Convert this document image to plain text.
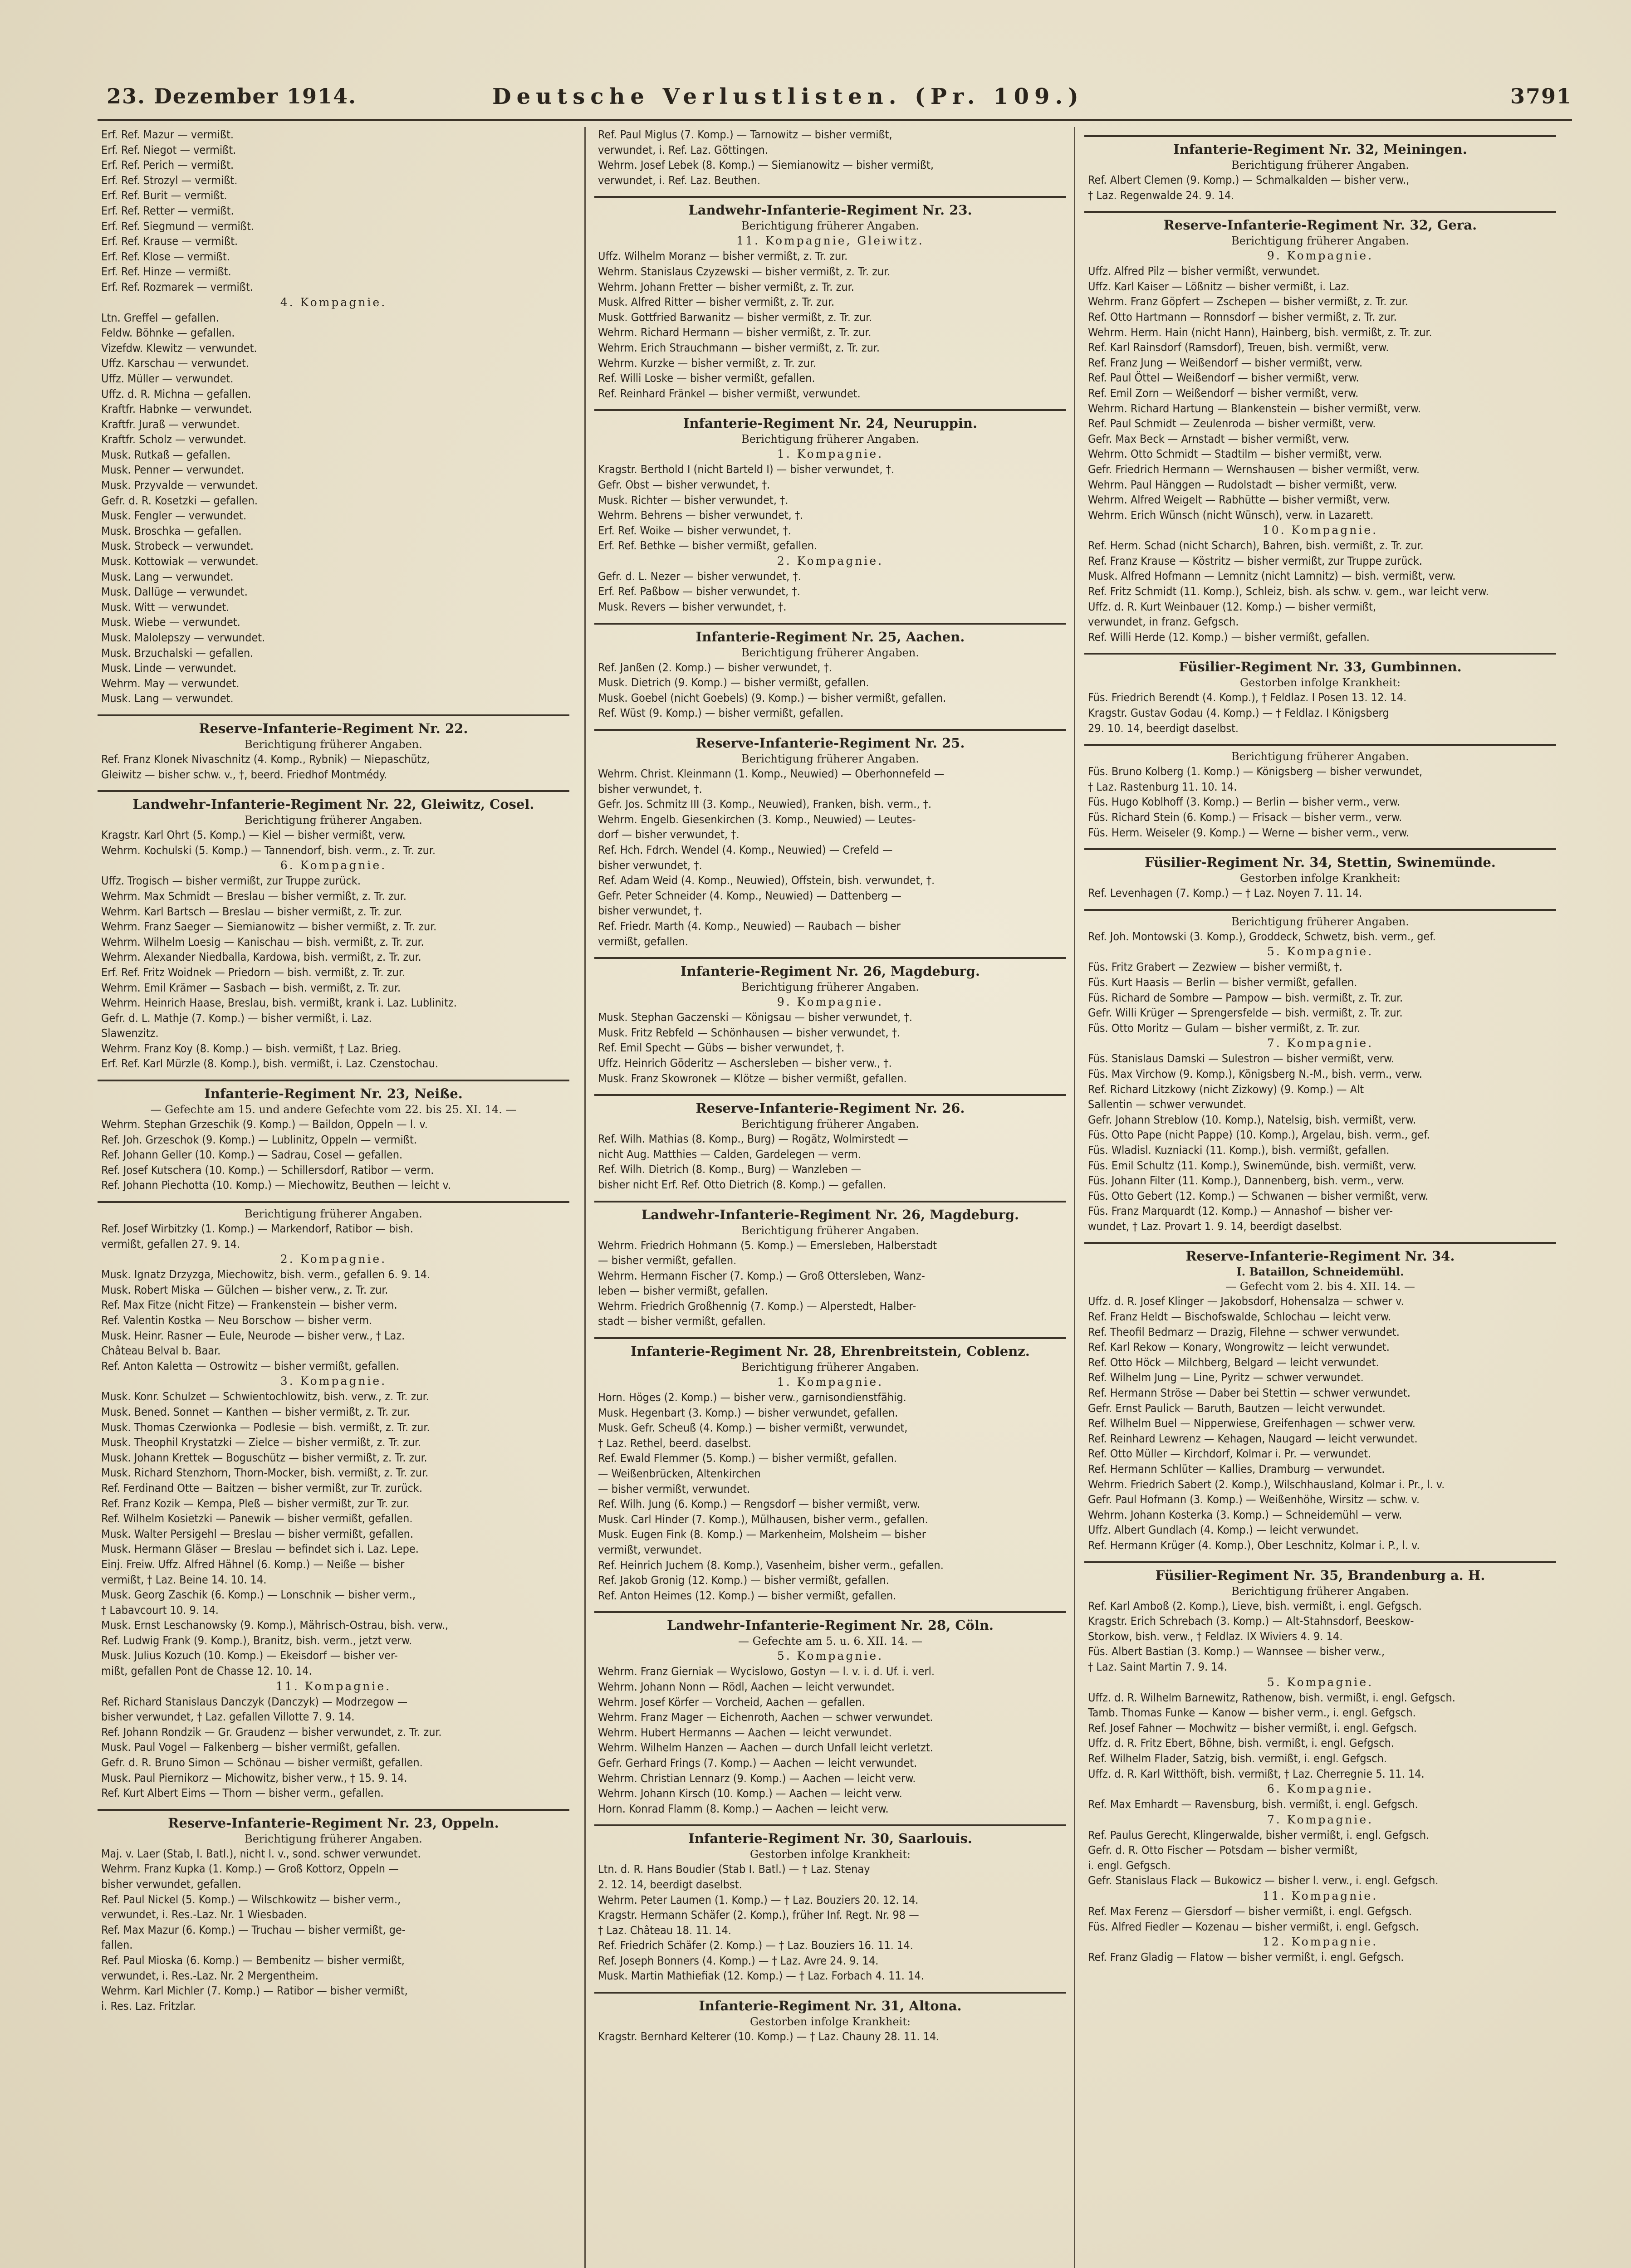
23. Dezember 1914.	Deutsche Verlustlisten. (Pr. 109.)	3791
Erf. Ref. Mazur — vermißt.
Erf. Ref. Niegot — vermißt.
Erf. Ref. Perich — vermißt.
Erf. Ref. Strozyl — vermißt.
Erf. Ref. Burit — vermißt.
Erf. Ref. Retter — vermißt.
Erf. Ref. Siegmund — vermißt.
Erf. Ref. Krause — vermißt.
Erf. Ref. Klose — vermißt.
Erf. Ref. Hinze — vermißt.
Erf. Ref. Rozmarek — vermißt.
4. Kompagnie.
Ltn. Greffel — gefallen.
Feldw. Böhnke — gefallen.
Vizefdw. Klewitz — verwundet.
Uffz. Karschau — verwundet.
Uffz. Müller — verwundet.
Uffz. d. R. Michna — gefallen.
Kraftfr. Habnke — verwundet.
Kraftfr. Juraß — verwundet.
Kraftfr. Scholz — verwundet.
Musk. Rutkaß — gefallen.
Musk. Penner — verwundet.
Musk. Przyvalde — verwundet.
Gefr. d. R. Kosetzki — gefallen.
Musk. Fengler — verwundet.
Musk. Broschka — gefallen.
Musk. Strobeck — verwundet.
Musk. Kottowiak — verwundet.
Musk. Lang — verwundet.
Musk. Dallüge — verwundet.
Musk. Witt — verwundet.
Musk. Wiebe — verwundet.
Musk. Malolepszy — verwundet.
Musk. Brzuchalski — gefallen.
Musk. Linde — verwundet.
Wehrm. May — verwundet.
Musk. Lang — verwundet.
Reserve-Infanterie-Regiment Nr. 22.
Berichtigung früherer Angaben.
Ref. Franz Klonek Nivaschnitz (4. Komp., Rybnik) — Niepaschütz,
Gleiwitz — bisher schw. v., †, beerd. Friedhof Montmédy.
Landwehr-Infanterie-Regiment Nr. 22, Gleiwitz, Cosel.
Berichtigung früherer Angaben.
Kragstr. Karl Ohrt (5. Komp.) — Kiel — bisher vermißt, verw.
Wehrm. Kochulski (5. Komp.) — Tannendorf, bish. verm., z. Tr. zur.
6. Kompagnie.
Uffz. Trogisch — bisher vermißt, zur Truppe zurück.
Wehrm. Max Schmidt — Breslau — bisher vermißt, z. Tr. zur.
Wehrm. Karl Bartsch — Breslau — bisher vermißt, z. Tr. zur.
Wehrm. Franz Saeger — Siemianowitz — bisher vermißt, z. Tr. zur.
Wehrm. Wilhelm Loesig — Kanischau — bish. vermißt, z. Tr. zur.
Wehrm. Alexander Niedballa, Kardowa, bish. vermißt, z. Tr. zur.
Erf. Ref. Fritz Woidnek — Priedorn — bish. vermißt, z. Tr. zur.
Wehrm. Emil Krämer — Sasbach — bish. vermißt, z. Tr. zur.
Wehrm. Heinrich Haase, Breslau, bish. vermißt, krank i. Laz. Lublinitz.
Gefr. d. L. Mathje (7. Komp.) — bisher vermißt, i. Laz.
Slawenzitz.
Wehrm. Franz Koy (8. Komp.) — bish. vermißt, † Laz. Brieg.
Erf. Ref. Karl Mürzle (8. Komp.), bish. vermißt, i. Laz. Czenstochau.
Infanterie-Regiment Nr. 23, Neiße.
— Gefechte am 15. und andere Gefechte vom 22. bis 25. XI. 14. —
Wehrm. Stephan Grzeschik (9. Komp.) — Baildon, Oppeln — l. v.
Ref. Joh. Grzeschok (9. Komp.) — Lublinitz, Oppeln — vermißt.
Ref. Johann Geller (10. Komp.) — Sadrau, Cosel — gefallen.
Ref. Josef Kutschera (10. Komp.) — Schillersdorf, Ratibor — verm.
Ref. Johann Piechotta (10. Komp.) — Miechowitz, Beuthen — leicht v.
Berichtigung früherer Angaben.
Ref. Josef Wirbitzky (1. Komp.) — Markendorf, Ratibor — bish.
vermißt, gefallen 27. 9. 14.
2. Kompagnie.
Musk. Ignatz Drzyzga, Miechowitz, bish. verm., gefallen 6. 9. 14.
Musk. Robert Miska — Gülchen — bisher verw., z. Tr. zur.
Ref. Max Fitze (nicht Fitze) — Frankenstein — bisher verm.
Ref. Valentin Kostka — Neu Borschow — bisher verm.
Musk. Heinr. Rasner — Eule, Neurode — bisher verw., † Laz.
Château Belval b. Baar.
Ref. Anton Kaletta — Ostrowitz — bisher vermißt, gefallen.
3. Kompagnie.
Musk. Konr. Schulzet — Schwientochlowitz, bish. verw., z. Tr. zur.
Musk. Bened. Sonnet — Kanthen — bisher vermißt, z. Tr. zur.
Musk. Thomas Czerwionka — Podlesie — bish. vermißt, z. Tr. zur.
Musk. Theophil Krystatzki — Zielce — bisher vermißt, z. Tr. zur.
Musk. Johann Krettek — Boguschütz — bisher vermißt, z. Tr. zur.
Musk. Richard Stenzhorn, Thorn-Mocker, bish. vermißt, z. Tr. zur.
Ref. Ferdinand Otte — Baitzen — bisher vermißt, zur Tr. zurück.
Ref. Franz Kozik — Kempa, Pleß — bisher vermißt, zur Tr. zur.
Ref. Wilhelm Kosietzki — Panewik — bisher vermißt, gefallen.
Musk. Walter Persigehl — Breslau — bisher vermißt, gefallen.
Musk. Hermann Gläser — Breslau — befindet sich i. Laz. Lepe.
Einj. Freiw. Uffz. Alfred Hähnel (6. Komp.) — Neiße — bisher
vermißt, † Laz. Beine 14. 10. 14.
Musk. Georg Zaschik (6. Komp.) — Lonschnik — bisher verm.,
† Labavcourt 10. 9. 14.
Musk. Ernst Leschanowsky (9. Komp.), Mährisch-Ostrau, bish. verw.,
Ref. Ludwig Frank (9. Komp.), Branitz, bish. verm., jetzt verw.
Musk. Julius Kozuch (10. Komp.) — Ekeisdorf — bisher ver-
mißt, gefallen Pont de Chasse 12. 10. 14.
11. Kompagnie.
Ref. Richard Stanislaus Danczyk (Danczyk) — Modrzegow —
bisher verwundet, † Laz. gefallen Villotte 7. 9. 14.
Ref. Johann Rondzik — Gr. Graudenz — bisher verwundet, z. Tr. zur.
Musk. Paul Vogel — Falkenberg — bisher vermißt, gefallen.
Gefr. d. R. Bruno Simon — Schönau — bisher vermißt, gefallen.
Musk. Paul Piernikorz — Michowitz, bisher verw., † 15. 9. 14.
Ref. Kurt Albert Eims — Thorn — bisher verm., gefallen.
Reserve-Infanterie-Regiment Nr. 23, Oppeln.
Berichtigung früherer Angaben.
Maj. v. Laer (Stab, I. Batl.), nicht l. v., sond. schwer verwundet.
Wehrm. Franz Kupka (1. Komp.) — Groß Kottorz, Oppeln —
bisher verwundet, gefallen.
Ref. Paul Nickel (5. Komp.) — Wilschkowitz — bisher verm.,
verwundet, i. Res.-Laz. Nr. 1 Wiesbaden.
Ref. Max Mazur (6. Komp.) — Truchau — bisher vermißt, ge-
fallen.
Ref. Paul Mioska (6. Komp.) — Bembenitz — bisher vermißt,
verwundet, i. Res.-Laz. Nr. 2 Mergentheim.
Wehrm. Karl Michler (7. Komp.) — Ratibor — bisher vermißt,
i. Res. Laz. Fritzlar.
Ref. Paul Miglus (7. Komp.) — Tarnowitz — bisher vermißt,
verwundet, i. Ref. Laz. Göttingen.
Wehrm. Josef Lebek (8. Komp.) — Siemianowitz — bisher vermißt,
verwundet, i. Ref. Laz. Beuthen.
Landwehr-Infanterie-Regiment Nr. 23.
Berichtigung früherer Angaben.
11. Kompagnie, Gleiwitz.
Uffz. Wilhelm Moranz — bisher vermißt, z. Tr. zur.
Wehrm. Stanislaus Czyzewski — bisher vermißt, z. Tr. zur.
Wehrm. Johann Fretter — bisher vermißt, z. Tr. zur.
Musk. Alfred Ritter — bisher vermißt, z. Tr. zur.
Musk. Gottfried Barwanitz — bisher vermißt, z. Tr. zur.
Wehrm. Richard Hermann — bisher vermißt, z. Tr. zur.
Wehrm. Erich Strauchmann — bisher vermißt, z. Tr. zur.
Wehrm. Kurzke — bisher vermißt, z. Tr. zur.
Ref. Willi Loske — bisher vermißt, gefallen.
Ref. Reinhard Fränkel — bisher vermißt, verwundet.
Infanterie-Regiment Nr. 24, Neuruppin.
Berichtigung früherer Angaben.
1. Kompagnie.
Kragstr. Berthold I (nicht Barteld I) — bisher verwundet, †.
Gefr. Obst — bisher verwundet, †.
Musk. Richter — bisher verwundet, †.
Wehrm. Behrens — bisher verwundet, †.
Erf. Ref. Woike — bisher verwundet, †.
Erf. Ref. Bethke — bisher vermißt, gefallen.
2. Kompagnie.
Gefr. d. L. Nezer — bisher verwundet, †.
Erf. Ref. Paßbow — bisher verwundet, †.
Musk. Revers — bisher verwundet, †.
Infanterie-Regiment Nr. 25, Aachen.
Berichtigung früherer Angaben.
Ref. Janßen (2. Komp.) — bisher verwundet, †.
Musk. Dietrich (9. Komp.) — bisher vermißt, gefallen.
Musk. Goebel (nicht Goebels) (9. Komp.) — bisher vermißt, gefallen.
Ref. Wüst (9. Komp.) — bisher vermißt, gefallen.
Reserve-Infanterie-Regiment Nr. 25.
Berichtigung früherer Angaben.
Wehrm. Christ. Kleinmann (1. Komp., Neuwied) — Oberhonnefeld —
bisher verwundet, †.
Gefr. Jos. Schmitz III (3. Komp., Neuwied), Franken, bish. verm., †.
Wehrm. Engelb. Giesenkirchen (3. Komp., Neuwied) — Leutes-
dorf — bisher verwundet, †.
Ref. Hch. Fdrch. Wendel (4. Komp., Neuwied) — Crefeld —
bisher verwundet, †.
Ref. Adam Weid (4. Komp., Neuwied), Offstein, bish. verwundet, †.
Gefr. Peter Schneider (4. Komp., Neuwied) — Dattenberg —
bisher verwundet, †.
Ref. Friedr. Marth (4. Komp., Neuwied) — Raubach — bisher
vermißt, gefallen.
Infanterie-Regiment Nr. 26, Magdeburg.
Berichtigung früherer Angaben.
9. Kompagnie.
Musk. Stephan Gaczenski — Königsau — bisher verwundet, †.
Musk. Fritz Rebfeld — Schönhausen — bisher verwundet, †.
Ref. Emil Specht — Gübs — bisher verwundet, †.
Uffz. Heinrich Göderitz — Aschersleben — bisher verw., †.
Musk. Franz Skowronek — Klötze — bisher vermißt, gefallen.
Reserve-Infanterie-Regiment Nr. 26.
Berichtigung früherer Angaben.
Ref. Wilh. Mathias (8. Komp., Burg) — Rogätz, Wolmirstedt —
nicht Aug. Matthies — Calden, Gardelegen — verm.
Ref. Wilh. Dietrich (8. Komp., Burg) — Wanzleben —
bisher nicht Erf. Ref. Otto Dietrich (8. Komp.) — gefallen.
Landwehr-Infanterie-Regiment Nr. 26, Magdeburg.
Berichtigung früherer Angaben.
Wehrm. Friedrich Hohmann (5. Komp.) — Emersleben, Halberstadt
— bisher vermißt, gefallen.
Wehrm. Hermann Fischer (7. Komp.) — Groß Ottersleben, Wanz-
leben — bisher vermißt, gefallen.
Wehrm. Friedrich Großhennig (7. Komp.) — Alperstedt, Halber-
stadt — bisher vermißt, gefallen.
Infanterie-Regiment Nr. 28, Ehrenbreitstein, Coblenz.
Berichtigung früherer Angaben.
1. Kompagnie.
Horn. Höges (2. Komp.) — bisher verw., garnisondienstfähig.
Musk. Hegenbart (3. Komp.) — bisher verwundet, gefallen.
Musk. Gefr. Scheuß (4. Komp.) — bisher vermißt, verwundet,
† Laz. Rethel, beerd. daselbst.
Ref. Ewald Flemmer (5. Komp.) — bisher vermißt, gefallen.
— Weißenbrücken, Altenkirchen
— bisher vermißt, verwundet.
Ref. Wilh. Jung (6. Komp.) — Rengsdorf — bisher vermißt, verw.
Musk. Carl Hinder (7. Komp.), Mülhausen, bisher verm., gefallen.
Musk. Eugen Fink (8. Komp.) — Markenheim, Molsheim — bisher
vermißt, verwundet.
Ref. Heinrich Juchem (8. Komp.), Vasenheim, bisher verm., gefallen.
Ref. Jakob Gronig (12. Komp.) — bisher vermißt, gefallen.
Ref. Anton Heimes (12. Komp.) — bisher vermißt, gefallen.
Landwehr-Infanterie-Regiment Nr. 28, Cöln.
— Gefechte am 5. u. 6. XII. 14. —
5. Kompagnie.
Wehrm. Franz Gierniak — Wycislowo, Gostyn — l. v. i. d. Uf. i. verl.
Wehrm. Johann Nonn — Rödl, Aachen — leicht verwundet.
Wehrm. Josef Körfer — Vorcheid, Aachen — gefallen.
Wehrm. Franz Mager — Eichenroth, Aachen — schwer verwundet.
Wehrm. Hubert Hermanns — Aachen — leicht verwundet.
Wehrm. Wilhelm Hanzen — Aachen — durch Unfall leicht verletzt.
Gefr. Gerhard Frings (7. Komp.) — Aachen — leicht verwundet.
Wehrm. Christian Lennarz (9. Komp.) — Aachen — leicht verw.
Wehrm. Johann Kirsch (10. Komp.) — Aachen — leicht verw.
Horn. Konrad Flamm (8. Komp.) — Aachen — leicht verw.
Infanterie-Regiment Nr. 30, Saarlouis.
Gestorben infolge Krankheit:
Ltn. d. R. Hans Boudier (Stab I. Batl.) — † Laz. Stenay
2. 12. 14, beerdigt daselbst.
Wehrm. Peter Laumen (1. Komp.) — † Laz. Bouziers 20. 12. 14.
Kragstr. Hermann Schäfer (2. Komp.), früher Inf. Regt. Nr. 98 —
† Laz. Château 18. 11. 14.
Ref. Friedrich Schäfer (2. Komp.) — † Laz. Bouziers 16. 11. 14.
Ref. Joseph Bonners (4. Komp.) — † Laz. Avre 24. 9. 14.
Musk. Martin Mathiefiak (12. Komp.) — † Laz. Forbach 4. 11. 14.
Infanterie-Regiment Nr. 31, Altona.
Gestorben infolge Krankheit:
Kragstr. Bernhard Kelterer (10. Komp.) — † Laz. Chauny 28. 11. 14.
Infanterie-Regiment Nr. 32, Meiningen.
Berichtigung früherer Angaben.
Ref. Albert Clemen (9. Komp.) — Schmalkalden — bisher verw.,
† Laz. Regenwalde 24. 9. 14.
Reserve-Infanterie-Regiment Nr. 32, Gera.
Berichtigung früherer Angaben.
9. Kompagnie.
Uffz. Alfred Pilz — bisher vermißt, verwundet.
Uffz. Karl Kaiser — Lößnitz — bisher vermißt, i. Laz.
Wehrm. Franz Göpfert — Zschepen — bisher vermißt, z. Tr. zur.
Ref. Otto Hartmann — Ronnsdorf — bisher vermißt, z. Tr. zur.
Wehrm. Herm. Hain (nicht Hann), Hainberg, bish. vermißt, z. Tr. zur.
Ref. Karl Rainsdorf (Ramsdorf), Treuen, bish. vermißt, verw.
Ref. Franz Jung — Weißendorf — bisher vermißt, verw.
Ref. Paul Öttel — Weißendorf — bisher vermißt, verw.
Ref. Emil Zorn — Weißendorf — bisher vermißt, verw.
Wehrm. Richard Hartung — Blankenstein — bisher vermißt, verw.
Ref. Paul Schmidt — Zeulenroda — bisher vermißt, verw.
Gefr. Max Beck — Arnstadt — bisher vermißt, verw.
Wehrm. Otto Schmidt — Stadtilm — bisher vermißt, verw.
Gefr. Friedrich Hermann — Wernshausen — bisher vermißt, verw.
Wehrm. Paul Hänggen — Rudolstadt — bisher vermißt, verw.
Wehrm. Alfred Weigelt — Rabhütte — bisher vermißt, verw.
Wehrm. Erich Wünsch (nicht Wünsch), verw. in Lazarett.
10. Kompagnie.
Ref. Herm. Schad (nicht Scharch), Bahren, bish. vermißt, z. Tr. zur.
Ref. Franz Krause — Köstritz — bisher vermißt, zur Truppe zurück.
Musk. Alfred Hofmann — Lemnitz (nicht Lamnitz) — bish. vermißt, verw.
Ref. Fritz Schmidt (11. Komp.), Schleiz, bish. als schw. v. gem., war leicht verw.
Uffz. d. R. Kurt Weinbauer (12. Komp.) — bisher vermißt,
verwundet, in franz. Gefgsch.
Ref. Willi Herde (12. Komp.) — bisher vermißt, gefallen.
Füsilier-Regiment Nr. 33, Gumbinnen.
Gestorben infolge Krankheit:
Füs. Friedrich Berendt (4. Komp.), † Feldlaz. I Posen 13. 12. 14.
Kragstr. Gustav Godau (4. Komp.) — † Feldlaz. I Königsberg
29. 10. 14, beerdigt daselbst.
Berichtigung früherer Angaben.
Füs. Bruno Kolberg (1. Komp.) — Königsberg — bisher verwundet,
† Laz. Rastenburg 11. 10. 14.
Füs. Hugo Koblhoff (3. Komp.) — Berlin — bisher verm., verw.
Füs. Richard Stein (6. Komp.) — Frisack — bisher verm., verw.
Füs. Herm. Weiseler (9. Komp.) — Werne — bisher verm., verw.
Füsilier-Regiment Nr. 34, Stettin, Swinemünde.
Gestorben infolge Krankheit:
Ref. Levenhagen (7. Komp.) — † Laz. Noyen 7. 11. 14.
Berichtigung früherer Angaben.
Ref. Joh. Montowski (3. Komp.), Groddeck, Schwetz, bish. verm., gef.
5. Kompagnie.
Füs. Fritz Grabert — Zezwiew — bisher vermißt, †.
Füs. Kurt Haasis — Berlin — bisher vermißt, gefallen.
Füs. Richard de Sombre — Pampow — bish. vermißt, z. Tr. zur.
Gefr. Willi Krüger — Sprengersfelde — bish. vermißt, z. Tr. zur.
Füs. Otto Moritz — Gulam — bisher vermißt, z. Tr. zur.
7. Kompagnie.
Füs. Stanislaus Damski — Sulestron — bisher vermißt, verw.
Füs. Max Virchow (9. Komp.), Königsberg N.-M., bish. verm., verw.
Ref. Richard Litzkowy (nicht Zizkowy) (9. Komp.) — Alt
Sallentin — schwer verwundet.
Gefr. Johann Streblow (10. Komp.), Natelsig, bish. vermißt, verw.
Füs. Otto Pape (nicht Pappe) (10. Komp.), Argelau, bish. verm., gef.
Füs. Wladisl. Kuzniacki (11. Komp.), bish. vermißt, gefallen.
Füs. Emil Schultz (11. Komp.), Swinemünde, bish. vermißt, verw.
Füs. Johann Filter (11. Komp.), Dannenberg, bish. verm., verw.
Füs. Otto Gebert (12. Komp.) — Schwanen — bisher vermißt, verw.
Füs. Franz Marquardt (12. Komp.) — Annashof — bisher ver-
wundet, † Laz. Provart 1. 9. 14, beerdigt daselbst.
Reserve-Infanterie-Regiment Nr. 34.
I. Bataillon, Schneidemühl.
— Gefecht vom 2. bis 4. XII. 14. —
Uffz. d. R. Josef Klinger — Jakobsdorf, Hohensalza — schwer v.
Ref. Franz Heldt — Bischofswalde, Schlochau — leicht verw.
Ref. Theofil Bedmarz — Drazig, Filehne — schwer verwundet.
Ref. Karl Rekow — Konary, Wongrowitz — leicht verwundet.
Ref. Otto Höck — Milchberg, Belgard — leicht verwundet.
Ref. Wilhelm Jung — Line, Pyritz — schwer verwundet.
Ref. Hermann Ströse — Daber bei Stettin — schwer verwundet.
Gefr. Ernst Paulick — Baruth, Bautzen — leicht verwundet.
Ref. Wilhelm Buel — Nipperwiese, Greifenhagen — schwer verw.
Ref. Reinhard Lewrenz — Kehagen, Naugard — leicht verwundet.
Ref. Otto Müller — Kirchdorf, Kolmar i. Pr. — verwundet.
Ref. Hermann Schlüter — Kallies, Dramburg — verwundet.
Wehrm. Friedrich Sabert (2. Komp.), Wilschhausland, Kolmar i. Pr., l. v.
Gefr. Paul Hofmann (3. Komp.) — Weißenhöhe, Wirsitz — schw. v.
Wehrm. Johann Kosterka (3. Komp.) — Schneidemühl — verw.
Uffz. Albert Gundlach (4. Komp.) — leicht verwundet.
Ref. Hermann Krüger (4. Komp.), Ober Leschnitz, Kolmar i. P., l. v.
Füsilier-Regiment Nr. 35, Brandenburg a. H.
Berichtigung früherer Angaben.
Ref. Karl Amboß (2. Komp.), Lieve, bish. vermißt, i. engl. Gefgsch.
Kragstr. Erich Schrebach (3. Komp.) — Alt-Stahnsdorf, Beeskow-
Storkow, bish. verw., † Feldlaz. IX Wiviers 4. 9. 14.
Füs. Albert Bastian (3. Komp.) — Wannsee — bisher verw.,
† Laz. Saint Martin 7. 9. 14.
5. Kompagnie.
Uffz. d. R. Wilhelm Barnewitz, Rathenow, bish. vermißt, i. engl. Gefgsch.
Tamb. Thomas Funke — Kanow — bisher verm., i. engl. Gefgsch.
Ref. Josef Fahner — Mochwitz — bisher vermißt, i. engl. Gefgsch.
Uffz. d. R. Fritz Ebert, Böhne, bish. vermißt, i. engl. Gefgsch.
Ref. Wilhelm Flader, Satzig, bish. vermißt, i. engl. Gefgsch.
Uffz. d. R. Karl Witthöft, bish. vermißt, † Laz. Cherregnie 5. 11. 14.
6. Kompagnie.
Ref. Max Emhardt — Ravensburg, bish. vermißt, i. engl. Gefgsch.
7. Kompagnie.
Ref. Paulus Gerecht, Klingerwalde, bisher vermißt, i. engl. Gefgsch.
Gefr. d. R. Otto Fischer — Potsdam — bisher vermißt,
i. engl. Gefgsch.
Gefr. Stanislaus Flack — Bukowicz — bisher l. verw., i. engl. Gefgsch.
11. Kompagnie.
Ref. Max Ferenz — Giersdorf — bisher vermißt, i. engl. Gefgsch.
Füs. Alfred Fiedler — Kozenau — bisher vermißt, i. engl. Gefgsch.
12. Kompagnie.
Ref. Franz Gladig — Flatow — bisher vermißt, i. engl. Gefgsch.
